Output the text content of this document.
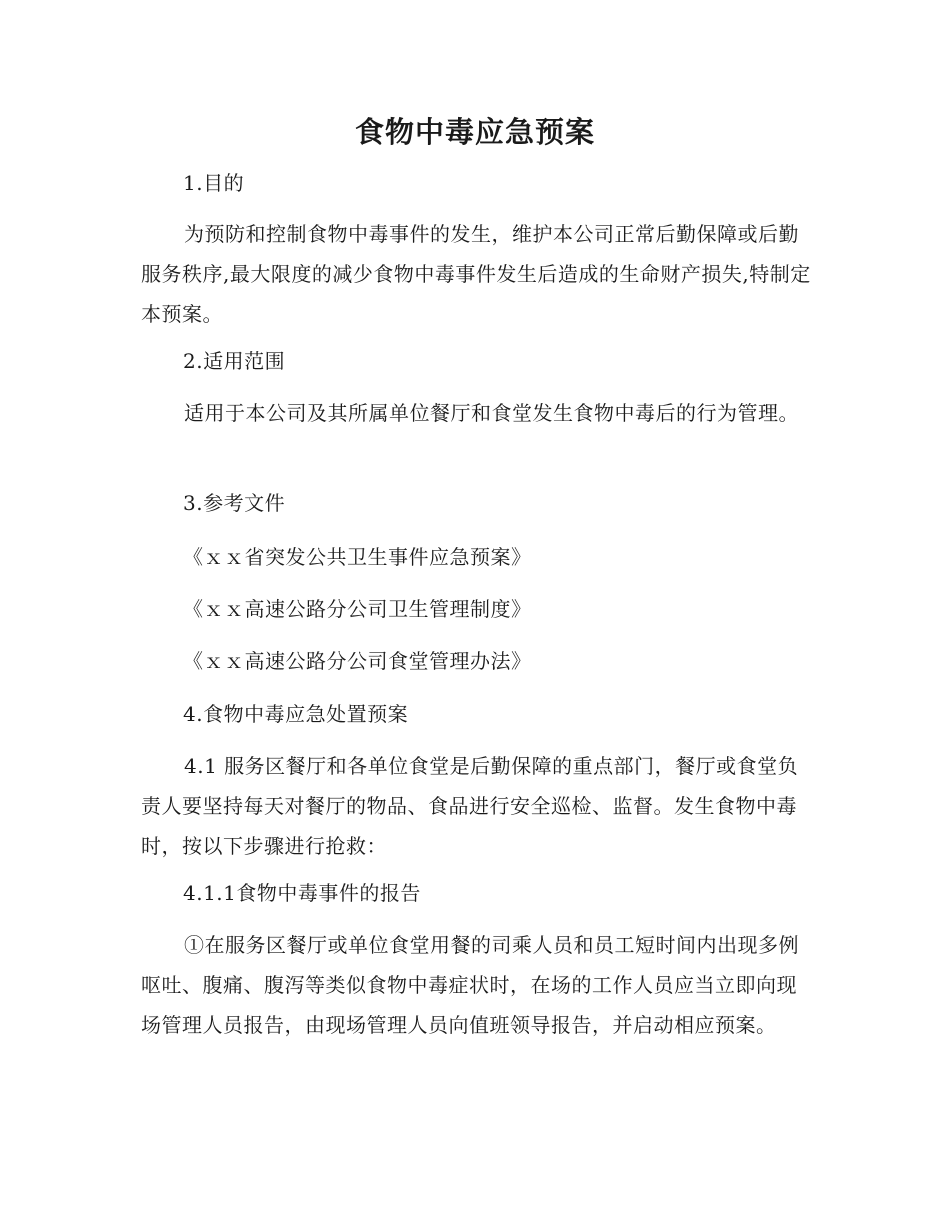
食物中毒应急预案
1.目的
为预防和控制食物中毒事件的发生，维护本公司正常后勤保障或后勤服务秩序,最大限度的减少食物中毒事件发生后造成的生命财产损失,特制定本预案。
2.适用范围
适用于本公司及其所属单位餐厅和食堂发生食物中毒后的行为管理。
3.参考文件
《ｘｘ省突发公共卫生事件应急预案》
《ｘｘ高速公路分公司卫生管理制度》
《ｘｘ高速公路分公司食堂管理办法》
4.食物中毒应急处置预案
4.1 服务区餐厅和各单位食堂是后勤保障的重点部门，餐厅或食堂负责人要坚持每天对餐厅的物品、食品进行安全巡检、监督。发生食物中毒时，按以下步骤进行抢救：
4.1.1食物中毒事件的报告
①在服务区餐厅或单位食堂用餐的司乘人员和员工短时间内出现多例呕吐、腹痛、腹泻等类似食物中毒症状时，在场的工作人员应当立即向现场管理人员报告，由现场管理人员向值班领导报告，并启动相应预案。
